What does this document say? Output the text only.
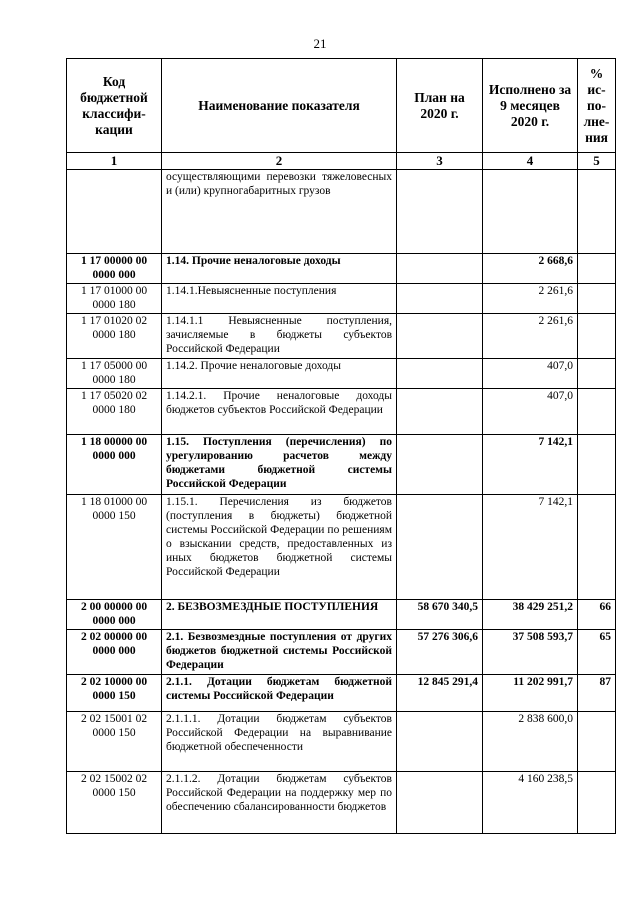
21
Код бюджетной классифи-кации	Наименование показателя	План на 2020 г.	Исполнено за 9 месяцев 2020 г.	% ис-по-лне-ния
1	2	3	4	5
	осуществляющими перевозки тяжеловесных и (или) крупногабаритных грузов			
1 17 00000 00 0000 000	1.14. Прочие неналоговые доходы		2 668,6	
1 17 01000 00 0000 180	1.14.1.Невыясненные поступления		2 261,6	
1 17 01020 02 0000 180	1.14.1.1 Невыясненные поступления, зачисляемые в бюджеты субъектов Российской Федерации		2 261,6	
1 17 05000 00 0000 180	1.14.2. Прочие неналоговые доходы		407,0	
1 17 05020 02 0000 180	1.14.2.1. Прочие неналоговые доходы бюджетов субъектов Российской Федерации		407,0	
1 18 00000 00 0000 000	1.15. Поступления (перечисления) по урегулированию расчетов между бюджетами бюджетной системы Российской Федерации		7 142,1	
1 18 01000 00 0000 150	1.15.1. Перечисления из бюджетов (поступления в бюджеты) бюджетной системы Российской Федерации по решениям о взыскании средств, предоставленных из иных бюджетов бюджетной системы Российской Федерации		7 142,1	
2 00 00000 00 0000 000	2. БЕЗВОЗМЕЗДНЫЕ ПОСТУПЛЕНИЯ	58 670 340,5	38 429 251,2	66
2 02 00000 00 0000 000	2.1. Безвозмездные поступления от других бюджетов бюджетной системы Российской Федерации	57 276 306,6	37 508 593,7	65
2 02 10000 00 0000 150	2.1.1. Дотации бюджетам бюджетной системы Российской Федерации	12 845 291,4	11 202 991,7	87
2 02 15001 02 0000 150	2.1.1.1. Дотации бюджетам субъектов Российской Федерации на выравнивание бюджетной обеспеченности		2 838 600,0	
2 02 15002 02 0000 150	2.1.1.2. Дотации бюджетам субъектов Российской Федерации на поддержку мер по обеспечению сбалансированности бюджетов		4 160 238,5	
